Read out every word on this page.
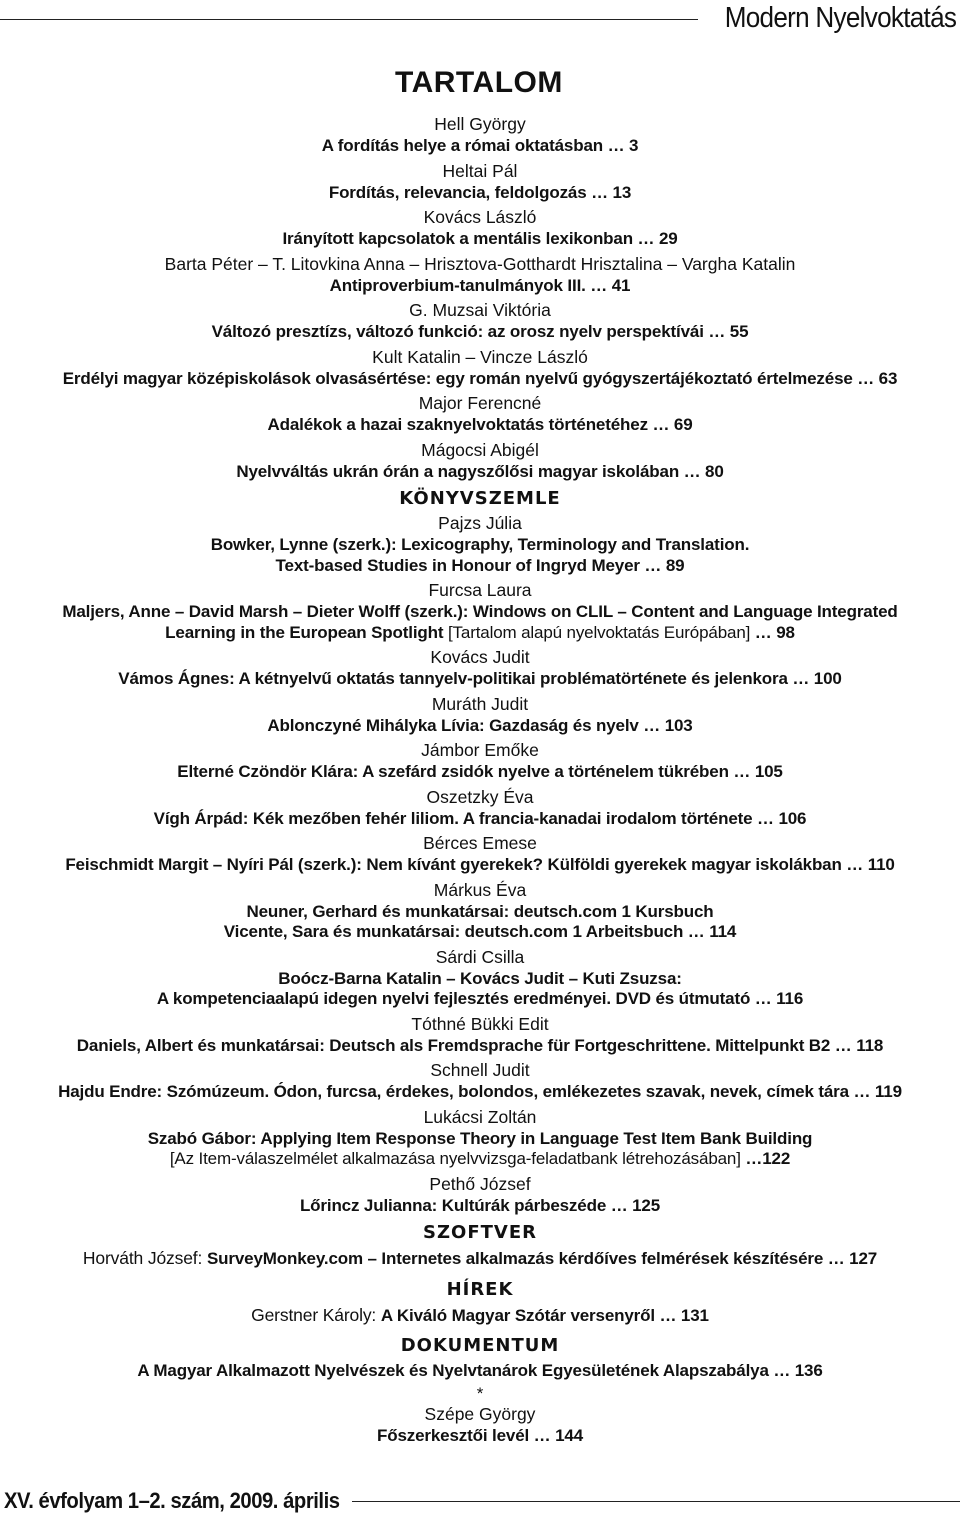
Modern Nyelvoktatás
TARTALOM
Hell György
A fordítás helye a római oktatásban … 3
Heltai Pál
Fordítás, relevancia, feldolgozás … 13
Kovács László
Irányított kapcsolatok a mentális lexikonban … 29
Barta Péter – T. Litovkina Anna – Hrisztova-Gotthardt Hrisztalina – Vargha Katalin
Antiproverbium-tanulmányok III. … 41
G. Muzsai Viktória
Változó presztízs, változó funkció: az orosz nyelv perspektívái … 55
Kult Katalin – Vincze László
Erdélyi magyar középiskolások olvasásértése: egy román nyelvű gyógyszertájékoztató értelmezése … 63
Major Ferencné
Adalékok a hazai szaknyelvoktatás történetéhez … 69
Mágocsi Abigél
Nyelvváltás ukrán órán a nagyszőlősi magyar iskolában … 80
KÖNYVSZEMLE
Pajzs Júlia
Bowker, Lynne (szerk.): Lexicography, Terminology and Translation.
Text-based Studies in Honour of Ingryd Meyer … 89
Furcsa Laura
Maljers, Anne – David Marsh – Dieter Wolff (szerk.): Windows on CLIL – Content and Language Integrated
Learning in the European Spotlight [Tartalom alapú nyelvoktatás Európában] … 98
Kovács Judit
Vámos Ágnes: A kétnyelvű oktatás tannyelv-politikai problématörténete és jelenkora … 100
Muráth Judit
Ablonczyné Mihályka Lívia: Gazdaság és nyelv … 103
Jámbor Emőke
Elterné Czöndör Klára: A szefárd zsidók nyelve a történelem tükrében … 105
Oszetzky Éva
Vígh Árpád: Kék mezőben fehér liliom. A francia-kanadai irodalom története … 106
Bérces Emese
Feischmidt Margit – Nyíri Pál (szerk.): Nem kívánt gyerekek? Külföldi gyerekek magyar iskolákban … 110
Márkus Éva
Neuner, Gerhard és munkatársai: deutsch.com 1 Kursbuch
Vicente, Sara és munkatársai: deutsch.com 1 Arbeitsbuch … 114
Sárdi Csilla
Boócz-Barna Katalin – Kovács Judit – Kuti Zsuzsa:
A kompetenciaalapú idegen nyelvi fejlesztés eredményei. DVD és útmutató … 116
Tóthné Bükki Edit
Daniels, Albert és munkatársai: Deutsch als Fremdsprache für Fortgeschrittene. Mittelpunkt B2 … 118
Schnell Judit
Hajdu Endre: Szómúzeum. Ódon, furcsa, érdekes, bolondos, emlékezetes szavak, nevek, címek tára … 119
Lukácsi Zoltán
Szabó Gábor: Applying Item Response Theory in Language Test Item Bank Building
[Az Item-válaszelmélet alkalmazása nyelvvizsga-feladatbank létrehozásában] …122
Pethő József
Lőrincz Julianna: Kultúrák párbeszéde … 125
SZOFTVER
Horváth József: SurveyMonkey.com – Internetes alkalmazás kérdőíves felmérések készítésére … 127
HÍREK
Gerstner Károly: A Kiváló Magyar Szótár versenyről … 131
DOKUMENTUM
A Magyar Alkalmazott Nyelvészek és Nyelvtanárok Egyesületének Alapszabálya … 136
*
Szépe György
Főszerkesztői levél … 144
XV. évfolyam 1–2. szám, 2009. április
